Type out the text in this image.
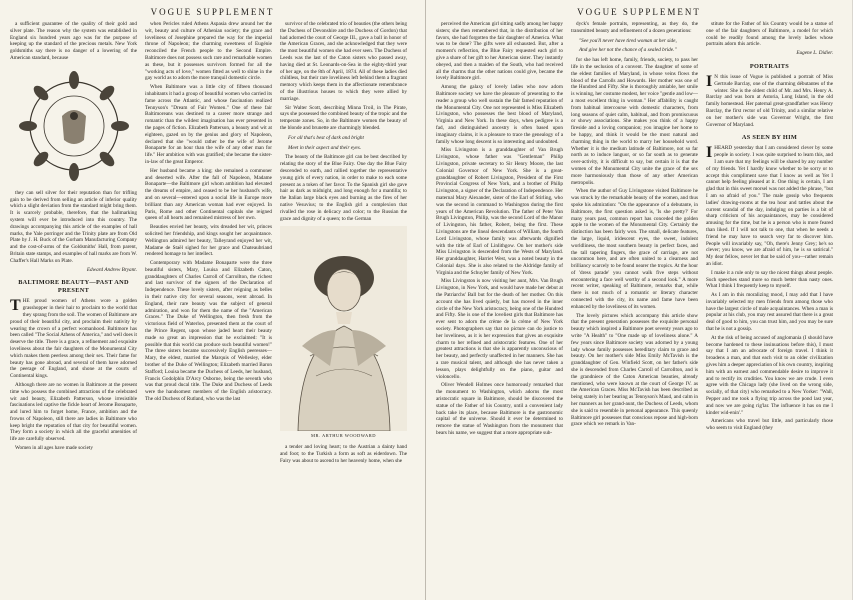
VOGUE SUPPLEMENT

a sufficient guarantee of the quality of their gold and silver plate. The reason why the system was established in England six hundred years ago was for the purpose of keeping up the standard of the precious metals. New York goldsmiths say there is no danger of a lowering of the American standard, because

they can sell silver for their reputation than for trifling gain to be derived from selling an article of inferior quality which a slight deviation from the standard might bring them. It is scarcely probable, therefore, that the hallmarking system will ever be introduced into this country. The drawings accompanying this article of the examples of hall marks, the Yale porringer and the Trinity plate are from Old Plate by J. H. Buck of the Gorham Manufacturing Company and the cost-of-arms of the Goldsmiths' Hall, from parent, Britain state stamps, and examples of hall marks are from W. Chaffer's Hall Marks on Plate.

Edward Andrew Bryant.
BALTIMORE BEAUTY—PAST AND PRESENT

THE proud women of Athens wore a golden grasshopper in their hair to proclaim to the world that they sprang from the soil. The women of Baltimore are proud of their beautiful city, and proclaim their nativity by wearing the crown of a perfect womanhood. Baltimore has been called "The Social Athens of America," and well does it deserve the title. There is a grace, a refinement and exquisite loveliness about the fair daughters of the Monumental City which makes them peerless among their sex. Their fame for beauty has gone abroad, and several of them have adorned the peerage of England, and shone at the courts of Continental kings.

Although there are no women in Baltimore at the present time who possess the combined attractions of the celebrated wit and beauty, Elizabeth Patterson, whose irresistible fascinations led captive the fickle heart of Jerome Bonaparte, and lured him to forget home, France, ambition and the frowns of Napoleon, still there are ladies in Baltimore who keep bright the reputation of that city for beautiful women. They form a society in which all the graceful amenities of life are carefully observed.

Women in all ages have made society

when Pericles ruled Athens Aspasia drew around her the wit, beauty and culture of Athenian society; the grace and loveliness of Josephine prepared the way for the imperial throne of Napoleon; the charming sweetness of Eugénie reconciled the French people to the Second Empire. Baltimore does not possess such rare and remarkable women as these, but it possesses survivors formed for all the "working acts of love," women fitted as well to shine in the gay world as to adorn the more tranquil domestic circle.

When Baltimore was a little city of fifteen thousand inhabitants it had a group of beautiful women who carried its fame across the Atlantic, and whose fascination realized Tennyson's "Dream of Fair Women." One of these fair Baltimoreans was destined to a career more strange and romantic than the wildest imagination has ever presented in the pages of fiction. Elizabeth Patterson, a beauty and wit at eighteen, gazed on by the genius and glory of Napoleon, declared that she "would rather be the wife of Jerome Bonaparte for an hour than the wife of any other man for life." Her ambition with was gratified; she became the sister-in-law of the great Emperor.

Her husband became a king; she remained a commoner and deserted wife. After the fall of Napoleon, Madame Bonaparte—the Baltimore girl whom ambition had elevated the dreams of empire, and ceased to be her husband's wife, and on several—entered upon a social life in Europe more brilliant than any American woman had ever enjoyed. In Paris, Rome and other Continental capitals she reigned queen of all hearts and remained mistress of her own.

Beauties envied her beauty, wits dreaded her wit, princes solicited her friendship, and kings sought her acquaintance. Wellington admired her beauty, Talleyrand enjoyed her wit, Madame de Staël sighed for her grace and Chateaubriand rendered homage to her intellect.

Contemporary with Madame Bonaparte were the three beautiful sisters, Mary, Louisa and Elizabeth Caton, granddaughters of Charles Carroll of Carrollton, the richest and last survivor of the signers of the Declaration of Independence. These lovely sisters, after reigning as belles in their native city for several seasons, went abroad. In England, their rare beauty was the subject of general admiration, and won for them the name of the "American Graces." The Duke of Wellington, then fresh from the victorious field of Waterloo, presented them at the court of the Prince Regent, upon whose jaded heart their beauty made so great an impression that he exclaimed: "It is possible that this world can produce such beautiful women!" The three sisters became successively English peeresses—Mary, the eldest, married the Marquis of Wellesley, elder brother of the Duke of Wellington; Elizabeth married Baron Stafford; Louisa became the Duchess of Leeds, her husband, Francis Godolphin D'Arcy Osborne, being the seventh who was that proud ducal title. The Duke and Duchess of Leeds were the handsomest members of the English aristocracy. The old Duchess of Rutland, who was the last

survivor of the celebrated trio of beauties (the others being the Duchess of Devonshire and the Duchess of Gordon) that had adorned the court of George III., gave a ball in honor of the American Graces, and she acknowledged that they were the most beautiful women she had ever seen. The Duchess of Leeds was the last of the Caton sisters who passed away, having died at St. Leonards-on-Sea in the eighty-third year of her age, on the 8th of April, 1874. All of these ladies died childless, but their rare loveliness left behind them a fragrant memory which keeps them in the affectionate remembrance of the illustrious houses to which they were allied by marriage.

Sir Walter Scott, describing Minna Troil, in The Pirate, says she possessed the combined beauty of the tropic and the temperate zones. So, in the Baltimore women the beauty of the blonde and brunette are charmingly blended.

For all that's best of dark and bright

Meet in their aspect and their eyes.

The beauty of the Baltimore girl can be best described by relating the story of the Blue Fairy. One day the Blue Fairy descended to earth, and rallied together the representative young girls of every nation, in order to make to each some present as a token of her favor. To the Spanish girl she gave hair as dark as midnight, and long enough for a mantilla; to the Italian large black eyes and burning as the fires of her native Vesuvius; to the English girl a complexion that rivalled the rose in delicacy and color; to the Russian the grace and dignity of a queen; to the German

MR. ARTHUR WOODWARD

a tender and loving heart; to the Austrian a dainty hand and foot; to the Turkish a form as soft as eiderdown. The Fairy was about to ascend to her heavenly home, when she

VOGUE SUPPLEMENT

perceived the American girl sitting sadly among her happy sisters; she then remembered that, in the distribution of her favors, she had forgotten the fair daughter of America. What was to be done? The gifts were all exhausted. But, after a moment's reflection, the Blue Fairy requested each girl to give a share of her gift to her American sister. They instantly obeyed, and then a maiden of the South, who had received all the charms that the other nations could give, became the lovely Baltimore girl.

Among the galaxy of lovely ladies who now adorn Baltimore society we have the pleasure of presenting to the reader a group who well sustain the fair famed reputation of the Monumental City. One not represented is Miss Elizabeth Livingston, who possesses the best blood of Maryland, Virginia and New York. In these days, when pedigree is a fad, and distinguished ancestry is often based upon imaginary claims, it is a pleasure to trace the genealogy of a family whose long descent is so interesting and undoubted.

Miss Livingston is a granddaughter of Van Brugh Livingston, whose father was "Gentleman" Philip Livingston, private secretary to Sir Henry Moore, the last Colonial Governor of New York. She is a great-granddaughter of Robert Livingston, President of the First Provincial Congress of New York, and a brother of Philip Livingston, a signer of the Declaration of Independence. Her maternal Mary Alexander, sister of the Earl of Stirling, who was the second in command to Washington during the first years of the American Revolution. The father of Peter Van Brugh Livingston, Philip, was the second Lord of the Manor of Livingston, his father, Robert, being the first. These Livingstons are the lineal descendants of William, the fourth Lord Livingston, whose family was afterwards dignified with the title of Earl of Linlithgow. On her mother's side Miss Livingston is descended from the Wests of Maryland. Her granddaughter, Harriet West, was a noted beauty in the Colonial days. She is also related to the Aldridge family of Virginia and the Schuyler family of New York.

Miss Livingston is now visiting her aunt, Mrs. Van Brugh Livingston, in New York, and would have made her debut at the Patriarchs' Ball but for the death of her mother. On this account she has lived quietly, but has moved in the inner circle of the New York aristocracy, being one of the Hundred and Fifty. She is one of the loveliest girls that Baltimore has ever sent to adorn the crème de la crème of New York society. Photographers say that no picture can do justice to her loveliness, as it is her expression that gives an exquisite charm to her refined and aristocratic features. One of her greatest attractions is that she is apparently unconscious of her beauty, and perfectly unaffected in her manners. She has a rare musical talent, and although she has never taken a lesson, plays delightfully on the piano, guitar and violoncello.

Oliver Wendell Holmes once humorously remarked that the monument to Washington, which adorns the most aristocratic square in Baltimore, should be discovered the statue of the Father of his Country, until a convenient lady back take its place, because Baltimore is the gastronomic capital of the universe. Should it ever be determined to remove the statue of Washington from the monument that bears his name, we suggest that a more appropriate sub-

dyck's female portraits, representing, as they do, the transmitted beauty and refinement of a dozen generations:

"See you'll never have tired woman at her side,

And give her not the chance of a sealed bride."

for she has left home, family, friends, society, to pass her life in the seclusion of a convent. The daughter of some of the eldest families of Maryland, in whose veins flows the blood of the Carrolls and Howards. Her mother was one of the Hundred and Fifty. She is thoroughly amiable, her smile is winning, her costume modest, her voice "gentle and low—a most excellent thing in woman." Her affability is caught from habitual intercourse with domestic characters, from long seasons of quiet calm, habitual, and from promiscuous or showy associations. She makes you think of a happy fireside and a loving companion; you imagine her home to be happy, and think it would be the most natural and charming thing in the world to marry her household word. Whether it is the medium latitude of Baltimore, not so far north as to induce languor, or so far south as to generate over-activity, it is difficult to say, but certain it is that the women of the Monumental City unite the grace of the sex more harmoniously than those of any other American metropolis.

When the author of Guy Livingstone visited Baltimore he was struck by the remarkable beauty of the women, and thus spoke his admiration: "On the appearance of a debutante, in Baltimore, the first question asked is, 'Is she pretty?' For many years past, common report has conceded the golden apple to the women of the Monumental City. Certainly the distinction has been fairly won. The small, delicate features, the large, liquid, iridescent eyes, the sweet, indolent worldliness, the most southern beauty in perfect faces, and the tall tapering fingers, the grace of carriage, are not uncommon here, and are often united to a clearness and brilliancy scarcely to be found nearer the tropics. At the hour of 'dress parade' you cannot walk five steps without encountering a face well worthy of a second look." A more recent writer, speaking of Baltimore, remarks that, while there is not much of a romantic or literary character connected with the city, its name and fame have been enhanced by the loveliness of its women.

The lovely pictures which accompany this article show that the present generation possesses the exquisite personal beauty which inspired a Baltimore poet seventy years ago to write "A Health" to "One made up of loveliness alone." A few years since Baltimore society was adorned by a young lady whose family possesses hereditary claim to grace and beauty. On her mother's side Miss Emily McTavish is the granddaughter of Gen. Winfield Scott, on her father's side she is descended from Charles Carroll of Carrollton, and is the grandniece of the Caton American beauties, already mentioned, who were known at the court of George IV. as the American Graces. Miss McTavish has been described as being stately in her bearing as Tennyson's Maud, and calm in her manners as her grand-aunt, the Duchess of Leeds, whom she is said to resemble in personal appearance. This queenly Baltimore girl possesses that conscious repose and high-born grace which we remark in Van-

stitute for the Father of his Country would be a statue of one of the fair daughters of Baltimore, a model for which could be readily found among the lovely ladies whose portraits adorn this article.

Eugene L. Didier.
PORTRAITS

I N this issue of Vogue is published a portrait of Miss Gertrude Barclay, one of the charming débutantes of the winter. She is the oldest child of Mr. and Mrs. Henry A. Barclay and was born at Astoria, Long Island, in the old family homestead. Her paternal great-grandfather was Henry Barclay, the first rector of old Trinity, and a similar relative on her mother's side was Governor Wright, the first Governor of Maryland.

AS SEEN BY HIM

IHEARD yesterday that I am considered clever by some people in society. I was quite surprised to learn this, and I am sure that my feelings will be shared by any number of my friends. Yet I hardly know whether to be sorry or to accept this compliment save that I know as well as Yet I cannot help feeling pleased at it. One thing is certain, I am glad that in this sweet morsel was not added the phrase, "but I am so afraid of you." The male gossip who frequents ladies' drawing-rooms at the tea hour and tattles about the current scandal of the day, indulging on parties is a bit of sharp criticism of his acquaintances, may be considered amusing for the time, but he is a person who is more feared than liked. If I will not talk to one, that when he needs a friend he may have to search very far to discover him. People will invariably say, "Oh, there's Jenny Grey; he's so clever; you know, we are afraid of him, he is so satirical." My dear fellow, never let that be said of you—rather remain an idiot.

I make it a rule only to say the nicest things about people. Such speeches stand more so much better than nasty ones. What I think I frequently keep to myself.

As I am in this moralizing mood, I may add that I have invariably selected my men friends from among those who have the largest circle of male acquaintances. When a man is popular at his club, you may rest assured that there is a great deal of good to him, you can trust him, and you may be sure that he is not a gossip.

At the risk of being accused of anglomania (I should have become hardened to these insinuations before this), I must say that I am an advocate of foreign travel. I think it broadens a man, and that each visit to an older civilization gives him a deeper appreciation of his own country, inspiring him with an earnest and commendable desire to improve it and to rectify its crudities. You know we are crude. I even agree with the Chicago lady (she lived on the wrong side, socially, of that city) who remarked to a New Yorker: "Wall, Pepper and me took a flying trip across the pond last year, and now we are going rig'lar. The influence it has on me I kinder wid-enin'."

Americans who travel but little, and particularly those who seem to visit England (they
